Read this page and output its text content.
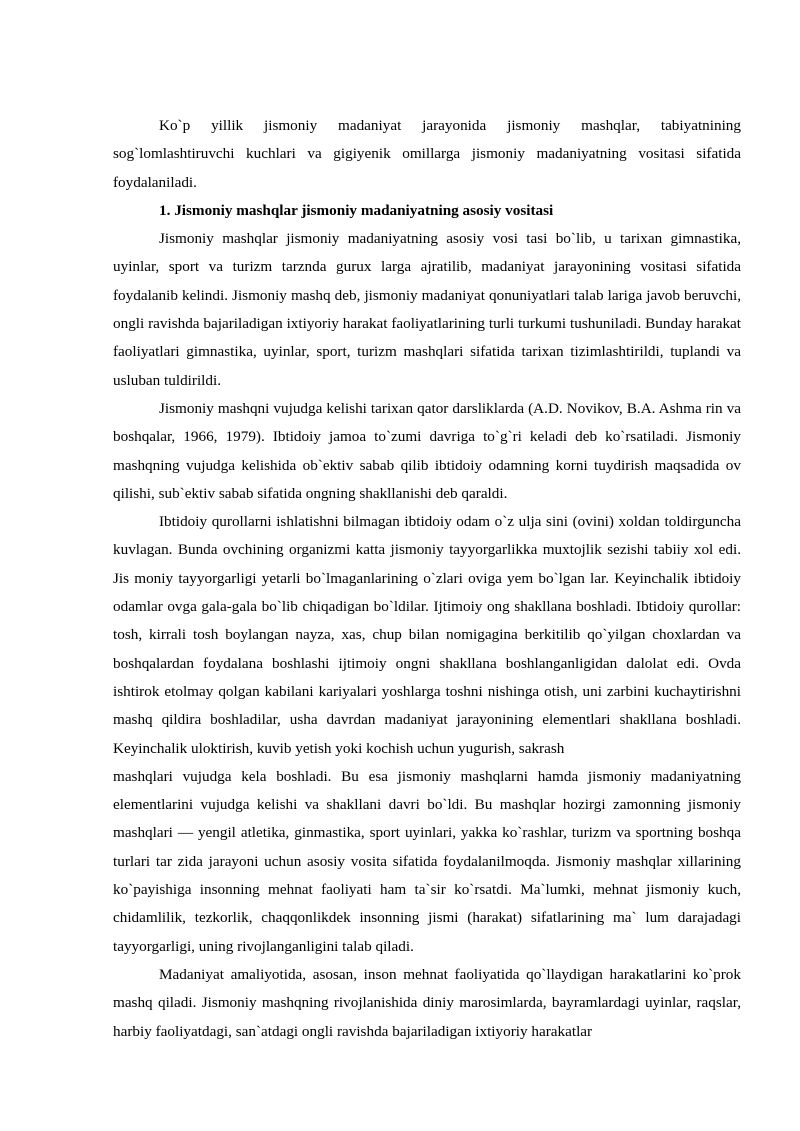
Ko`p yillik jismoniy madaniyat jarayonida jismoniy mashqlar, tabiyatnining sog`lomlashtiruvchi kuchlari va gigiyenik omillarga jismoniy madaniyatning vositasi sifatida foydalaniladi.

1. Jismoniy mashqlar jismoniy madaniyatning asosiy vositasi

Jismoniy mashqlar jismoniy madaniyatning asosiy vosi tasi bo`lib, u tarixan gimnastika, uyinlar, sport va turizm tarznda gurux larga ajratilib, madaniyat jarayonining vositasi sifatida foydalanib kelindi. Jismoniy mashq deb, jismoniy madaniyat qonuniyatlari talab lariga javob beruvchi, ongli ravishda bajariladigan ixtiyoriy harakat faoliyatlarining turli turkumi tushuniladi. Bunday harakat faoliyatlari gimnastika, uyinlar, sport, turizm mashqlari sifatida tarixan tizimlashtirildi, tuplandi va usluban tuldirildi.

Jismoniy mashqni vujudga kelishi tarixan qator darsliklarda (A.D. Novikov, B.A. Ashma rin va boshqalar, 1966, 1979). Ibtidoiy jamoa to`zumi davriga to`g`ri keladi deb ko`rsatiladi. Jismoniy mashqning vujudga kelishida ob`ektiv sabab qilib ibtidoiy odamning korni tuydirish maqsadida ov qilishi, sub`ektiv sabab sifatida ongning shakllanishi deb qaraldi.

Ibtidoiy qurollarni ishlatishni bilmagan ibtidoiy odam o`z ulja sini (ovini) xoldan toldirguncha kuvlagan. Bunda ovchining organizmi katta jismoniy tayyorgarlikka muxtojlik sezishi tabiiy xol edi. Jis moniy tayyorgarligi yetarli bo`lmaganlarining o`zlari oviga yem bo`lgan lar. Keyinchalik ibtidoiy odamlar ovga gala-gala bo`lib chiqadigan bo`ldilar. Ijtimoiy ong shakllana boshladi. Ibtidoiy qurollar: tosh, kirrali tosh boylangan nayza, xas, chup bilan nomigagina berkitilib qo`yilgan choxlardan va boshqalardan foydalana boshlashi ijtimoiy ongni shakllana boshlanganligidan dalolat edi. Ovda ishtirok etolmay qolgan kabilani kariyalari yoshlarga toshni nishinga otish, uni zarbini kuchaytirishni mashq qildira boshladilar, usha davrdan madaniyat jarayonining elementlari shakllana boshladi. Keyinchalik uloktirish, kuvib yetish yoki kochish uchun yugurish, sakrash

mashqlari vujudga kela boshladi. Bu esa jismoniy mashqlarni hamda jismoniy madaniyatning elementlarini vujudga kelishi va shakllani davri bo`ldi. Bu mashqlar hozirgi zamonning jismoniy mashqlari — yengil atletika, ginmastika, sport uyinlari, yakka ko`rashlar, turizm va sportning boshqa turlari tar zida jarayoni uchun asosiy vosita sifatida foydalanilmoqda. Jismoniy mashqlar xillarining ko`payishiga insonning mehnat faoliyati ham ta`sir ko`rsatdi. Ma`lumki, mehnat jismoniy kuch, chidamlilik, tezkorlik, chaqqonlikdek insonning jismi (harakat) sifatlarining ma` lum darajadagi tayyorgarligi, uning rivojlanganligini talab qiladi.

Madaniyat amaliyotida, asosan, inson mehnat faoliyatida qo`llaydigan harakatlarini ko`prok mashq qiladi. Jismoniy mashqning rivojlanishida diniy marosimlarda, bayramlardagi uyinlar, raqslar, harbiy faoliyatdagi, san`atdagi ongli ravishda bajariladigan ixtiyoriy harakatlar
